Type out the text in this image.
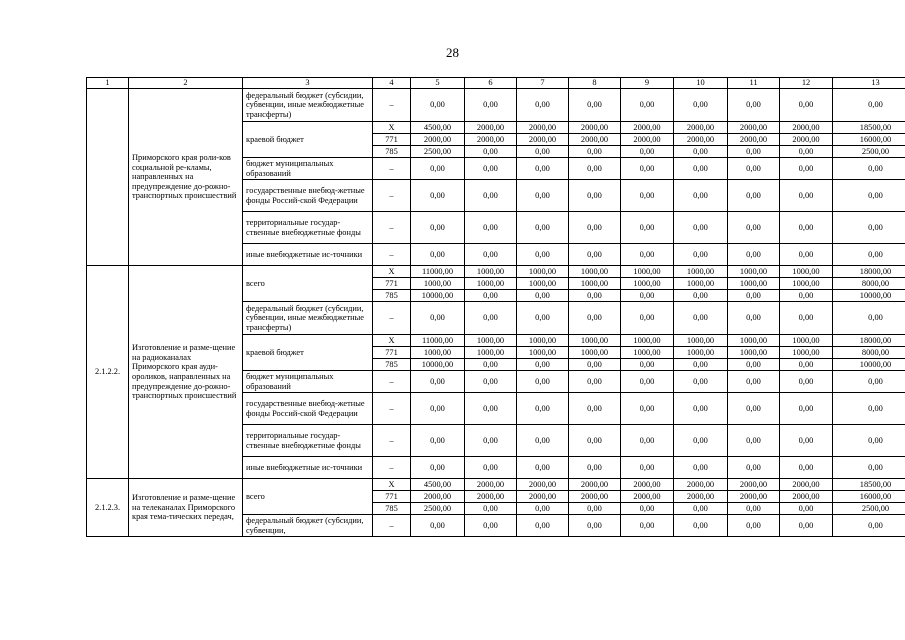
28
1	2	3	4	5	6	7	8	9	10	11	12	13
	Приморского края роли-ков социальной ре-кламы, направленных на предупреждение до-рожно-транспортных происшествий	федеральный бюджет (субсидии, субвенции, иные межбюджетные трансферты)	–	0,00	0,00	0,00	0,00	0,00	0,00	0,00	0,00	0,00
		краевой бюджет	X	4500,00	2000,00	2000,00	2000,00	2000,00	2000,00	2000,00	2000,00	18500,00
			771	2000,00	2000,00	2000,00	2000,00	2000,00	2000,00	2000,00	2000,00	16000,00
			785	2500,00	0,00	0,00	0,00	0,00	0,00	0,00	0,00	2500,00
		бюджет муниципальных образований	–	0,00	0,00	0,00	0,00	0,00	0,00	0,00	0,00	0,00
		государственные внебюд-жетные фонды Россий-ской Федерации	–	0,00	0,00	0,00	0,00	0,00	0,00	0,00	0,00	0,00
		территориальные государ-ственные внебюджетные фонды	–	0,00	0,00	0,00	0,00	0,00	0,00	0,00	0,00	0,00
		иные внебюджетные ис-точники	–	0,00	0,00	0,00	0,00	0,00	0,00	0,00	0,00	0,00
2.1.2.2.	Изготовление и разме-щение на радиоканалах Приморского края ауди-ороликов, направленных на предупреждение до-рожно-транспортных происшествий	всего	X	11000,00	1000,00	1000,00	1000,00	1000,00	1000,00	1000,00	1000,00	18000,00
			771	1000,00	1000,00	1000,00	1000,00	1000,00	1000,00	1000,00	1000,00	8000,00
			785	10000,00	0,00	0,00	0,00	0,00	0,00	0,00	0,00	10000,00
		федеральный бюджет (субсидии, субвенции, иные межбюджетные трансферты)	–	0,00	0,00	0,00	0,00	0,00	0,00	0,00	0,00	0,00
		краевой бюджет	X	11000,00	1000,00	1000,00	1000,00	1000,00	1000,00	1000,00	1000,00	18000,00
			771	1000,00	1000,00	1000,00	1000,00	1000,00	1000,00	1000,00	1000,00	8000,00
			785	10000,00	0,00	0,00	0,00	0,00	0,00	0,00	0,00	10000,00
		бюджет муниципальных образований	–	0,00	0,00	0,00	0,00	0,00	0,00	0,00	0,00	0,00
		государственные внебюд-жетные фонды Россий-ской Федерации	–	0,00	0,00	0,00	0,00	0,00	0,00	0,00	0,00	0,00
		территориальные государ-ственные внебюджетные фонды	–	0,00	0,00	0,00	0,00	0,00	0,00	0,00	0,00	0,00
		иные внебюджетные ис-точники	–	0,00	0,00	0,00	0,00	0,00	0,00	0,00	0,00	0,00
2.1.2.3.	Изготовление и разме-щение на телеканалах Приморского края тема-тических передач,	всего	X	4500,00	2000,00	2000,00	2000,00	2000,00	2000,00	2000,00	2000,00	18500,00
			771	2000,00	2000,00	2000,00	2000,00	2000,00	2000,00	2000,00	2000,00	16000,00
			785	2500,00	0,00	0,00	0,00	0,00	0,00	0,00	0,00	2500,00
		федеральный бюджет (субсидии, субвенции,	–	0,00	0,00	0,00	0,00	0,00	0,00	0,00	0,00	0,00
